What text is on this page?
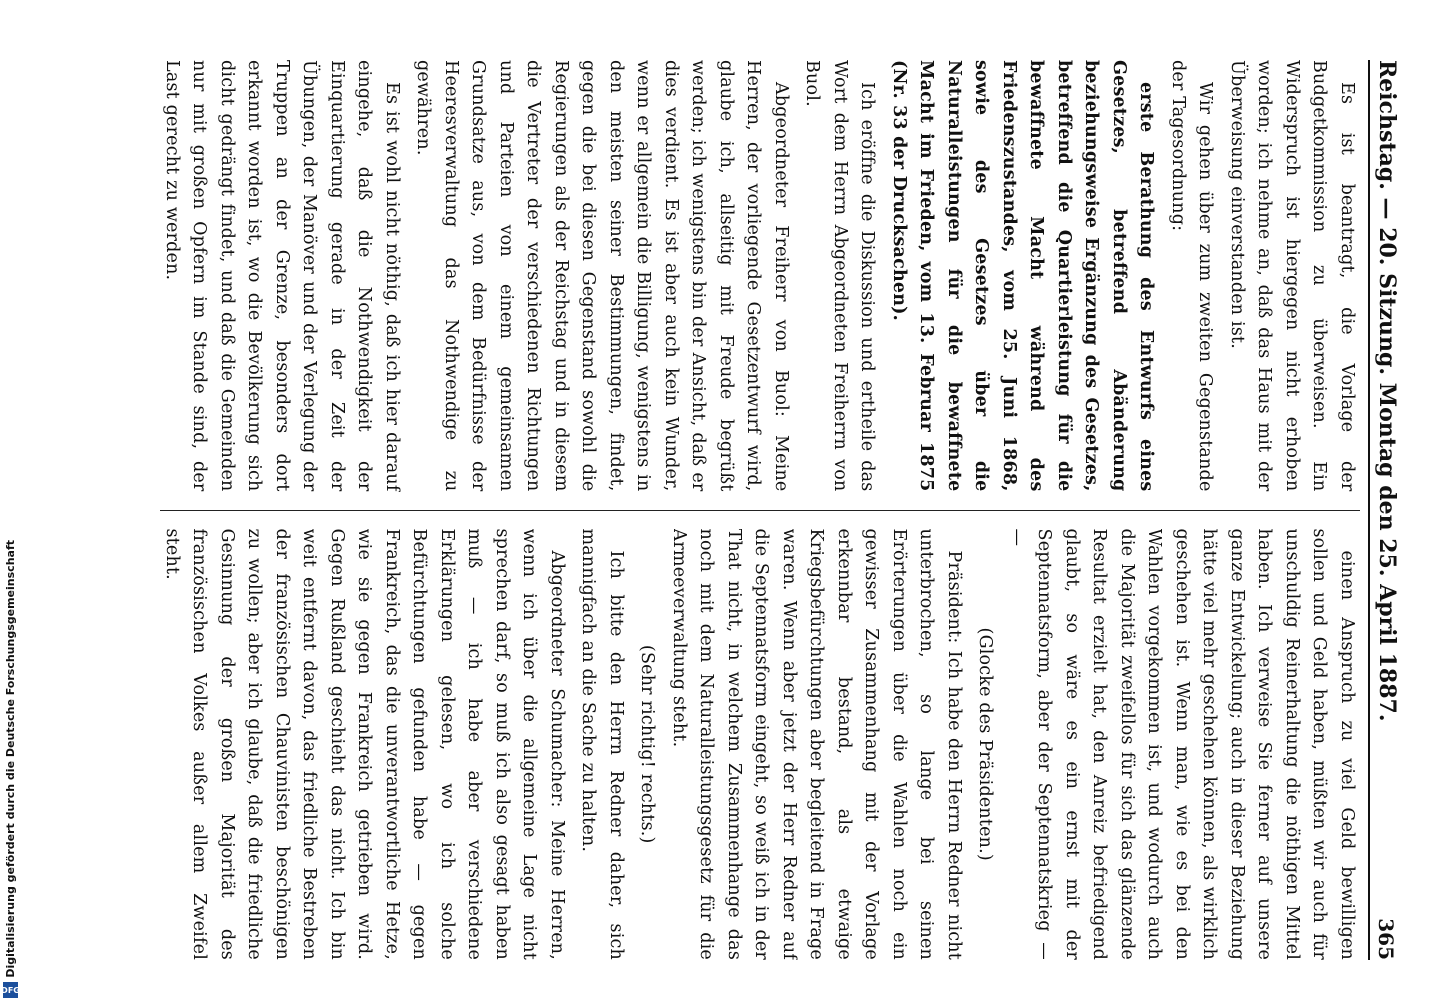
Digitalisierung gefördert durch die Deutsche Forschungsgemeinschaft
DFG
Reichstag. — 20. Sitzung. Montag den 25. April 1887.
365

Es ist beantragt, die Vorlage der Budgetkommission zu überweisen. Ein Widerspruch ist hiergegen nicht erhoben worden; ich nehme an, daß das Haus mit der Überweisung einverstanden ist.

Wir gehen über zum zweiten Gegenstande der Tagesordnung:

erste Berathung des Entwurfs eines Gesetzes, betreffend Abänderung beziehungsweise Ergänzung des Gesetzes, betreffend die Quartierleistung für die bewaffnete Macht während des Friedenszustandes, vom 25. Juni 1868, sowie des Gesetzes über die Naturalleistungen für die bewaffnete Macht im Frieden, vom 13. Februar 1875 (Nr. 33 der Drucksachen).

Ich eröffne die Diskussion und ertheile das Wort dem Herrn Abgeordneten Freiherrn von Buol.

Abgeordneter Freiherr von Buol: Meine Herren, der vorliegende Gesetzentwurf wird, glaube ich, allseitig mit Freude begrüßt werden; ich wenigstens bin der Ansicht, daß er dies verdient. Es ist aber auch kein Wunder, wenn er allgemein die Billigung, wenigstens in den meisten seiner Bestimmungen, findet, gegen die bei diesen Gegenstand sowohl die Regierungen als der Reichstag und in diesem die Vertreter der verschiedenen Richtungen und Parteien von einem gemeinsamen Grundsatze aus, von dem Bedürfnisse der Heeresverwaltung das Nothwendige zu gewähren.

Es ist wohl nicht nöthig, daß ich hier darauf eingehe, daß die Nothwendigkeit der Einquartierung gerade in der Zeit der Übungen, der Manöver und der Verlegung der Truppen an der Grenze, besonders dort erkannt worden ist, wo die Bevölkerung sich dicht gedrängt findet, und daß die Gemeinden nur mit großen Opfern im Stande sind, der Last gerecht zu werden.

einen Anspruch zu viel Geld bewilligen sollen und Geld haben, müßten wir auch für unschuldig Reinerhaltung die nöthigen Mittel haben. Ich verweise Sie ferner auf unsere ganze Entwickelung; auch in dieser Beziehung hätte viel mehr geschehen können, als wirklich geschehen ist. Wenn man, wie es bei den Wahlen vorgekommen ist, und wodurch auch die Majorität zweifellos für sich das glänzende Resultat erzielt hat, den Anreiz befriedigend glaubt, so wäre es ein ernst mit der Septennatsform, aber der Septennatskrieg — —

(Glocke des Präsidenten.)

Präsident: Ich habe den Herrn Redner nicht unterbrochen, so lange bei seinen Erörterungen über die Wahlen noch ein gewisser Zusammenhang mit der Vorlage erkennbar bestand, als etwaige Kriegsbefürchtungen aber begleitend in Frage waren. Wenn aber jetzt der Herr Redner auf die Septennatsform eingeht, so weiß ich in der That nicht, in welchem Zusammenhange das noch mit dem Naturalleistungsgesetz für die Armeeverwaltung steht.

(Sehr richtig! rechts.)

Ich bitte den Herrn Redner daher, sich mannigfach an die Sache zu halten.

Abgeordneter Schumacher: Meine Herren, wenn ich über die allgemeine Lage nicht sprechen darf, so muß ich also gesagt haben muß — ich habe aber verschiedene Erklärungen gelesen, wo ich solche Befürchtungen gefunden habe — gegen Frankreich, das die unverantwortliche Hetze, wie sie gegen Frankreich getrieben wird. Gegen Rußland geschieht das nicht. Ich bin weit entfernt davon, das friedliche Bestreben der französischen Chauvinisten beschönigen zu wollen; aber ich glaube, daß die friedliche Gesinnung der großen Majorität des französischen Volkes außer allem Zweifel steht.
